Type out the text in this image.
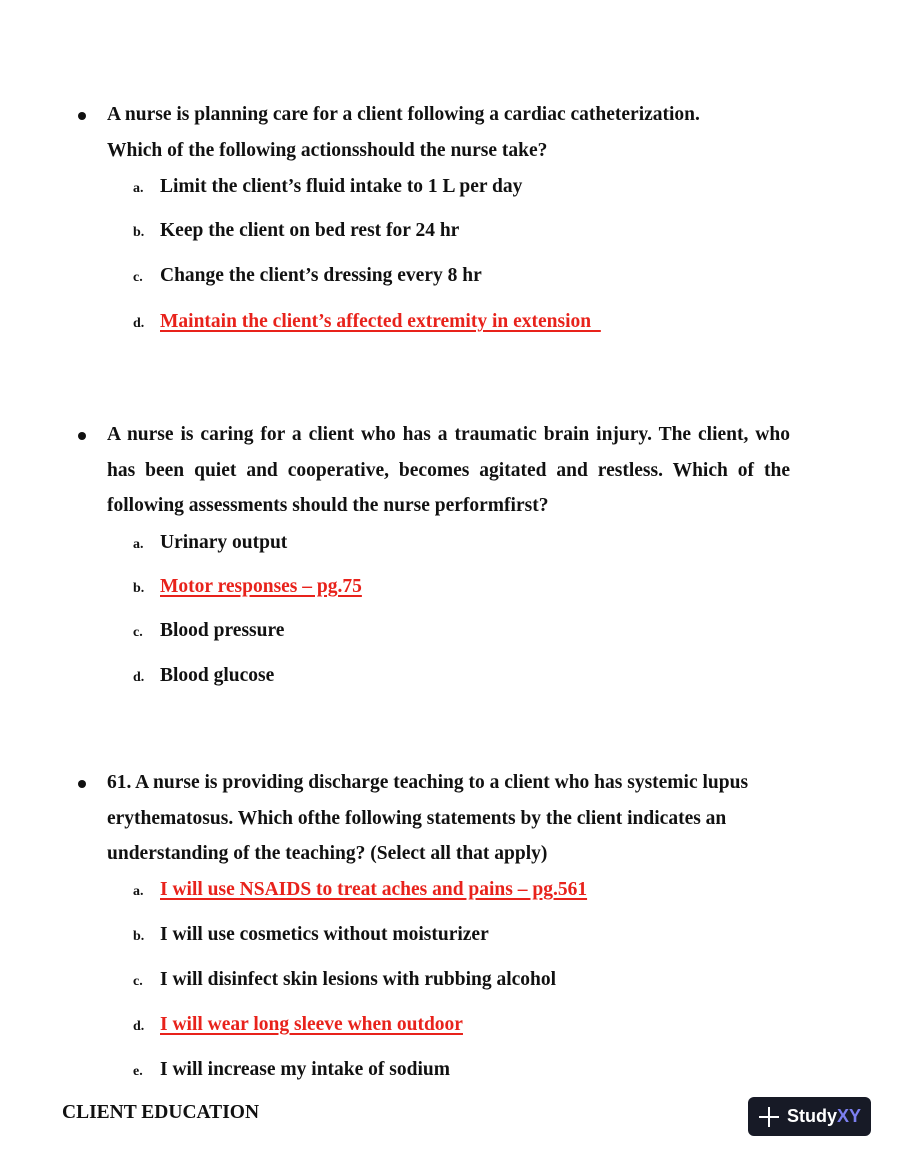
A nurse is planning care for a client following a cardiac catheterization. Which of the following actionsshould the nurse take?
a. Limit the client’s fluid intake to 1 L per day
b. Keep the client on bed rest for 24 hr
c. Change the client’s dressing every 8 hr
d. Maintain the client’s affected extremity in extension
A nurse is caring for a client who has a traumatic brain injury. The client, who has been quiet and cooperative, becomes agitated and restless. Which of the following assessments should the nurse performfirst?
a. Urinary output
b. Motor responses – pg.75
c. Blood pressure
d. Blood glucose
61. A nurse is providing discharge teaching to a client who has systemic lupus erythematosus. Which ofthe following statements by the client indicates an understanding of the teaching? (Select all that apply)
a. I will use NSAIDS to treat aches and pains – pg.561
b. I will use cosmetics without moisturizer
c. I will disinfect skin lesions with rubbing alcohol
d. I will wear long sleeve when outdoor
e. I will increase my intake of sodium
CLIENT EDUCATION	StudyXY
